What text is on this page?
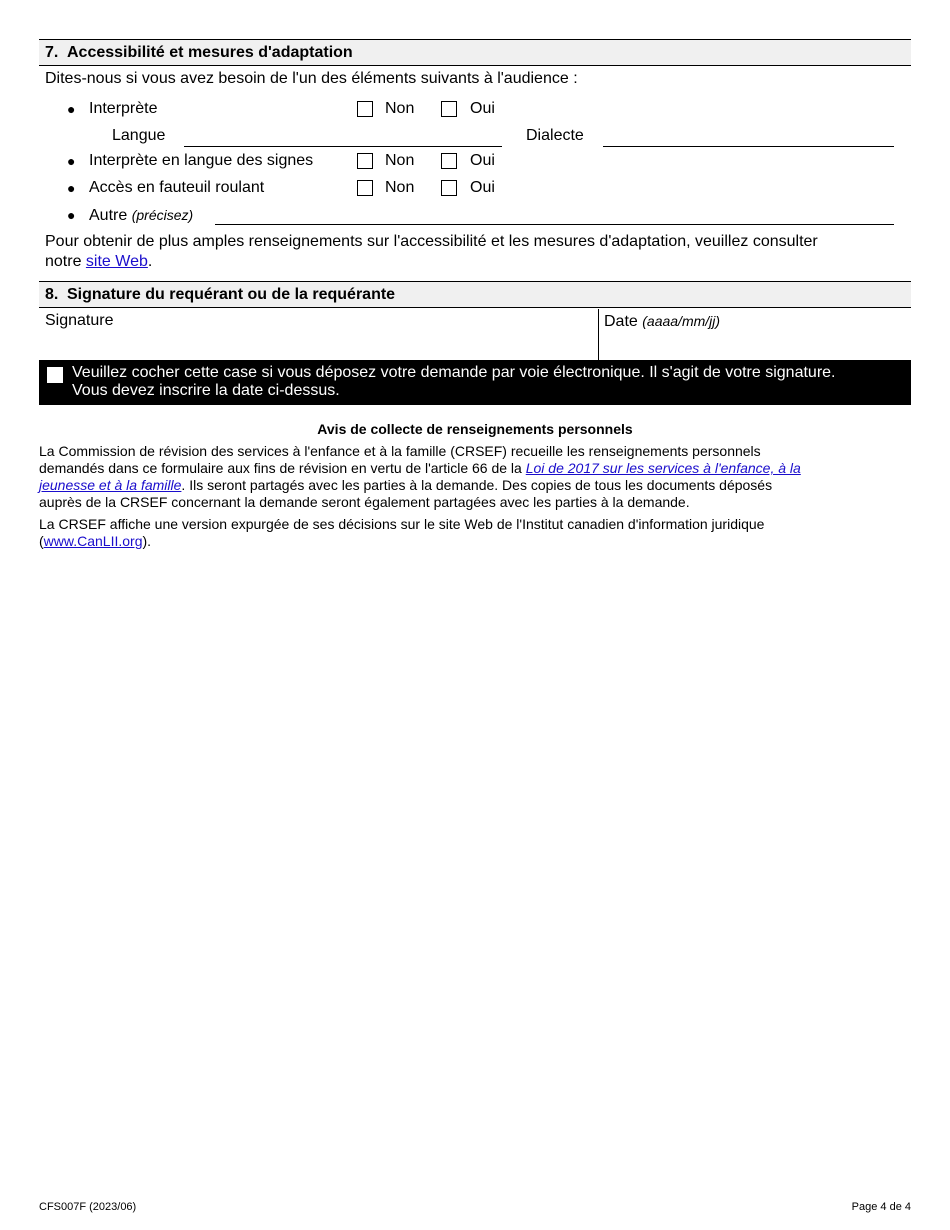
7. Accessibilité et mesures d'adaptation
Dites-nous si vous avez besoin de l'un des éléments suivants à l'audience :
● Interprète	Non	Oui
Langue	Dialecte
● Interprète en langue des signes	Non	Oui
● Accès en fauteuil roulant	Non	Oui
● Autre (précisez)
Pour obtenir de plus amples renseignements sur l'accessibilité et les mesures d'adaptation, veuillez consulter
notre site Web.
8. Signature du requérant ou de la requérante
Signature	Date (aaaa/mm/jj)
Veuillez cocher cette case si vous déposez votre demande par voie électronique. Il s'agit de votre signature.
Vous devez inscrire la date ci-dessus.
Avis de collecte de renseignements personnels
La Commission de révision des services à l'enfance et à la famille (CRSEF) recueille les renseignements personnels
demandés dans ce formulaire aux fins de révision en vertu de l'article 66 de la Loi de 2017 sur les services à l'enfance, à la
jeunesse et à la famille. Ils seront partagés avec les parties à la demande. Des copies de tous les documents déposés
auprès de la CRSEF concernant la demande seront également partagées avec les parties à la demande.
La CRSEF affiche une version expurgée de ses décisions sur le site Web de l'Institut canadien d'information juridique
(www.CanLII.org).
CFS007F (2023/06)	Page 4 de 4
